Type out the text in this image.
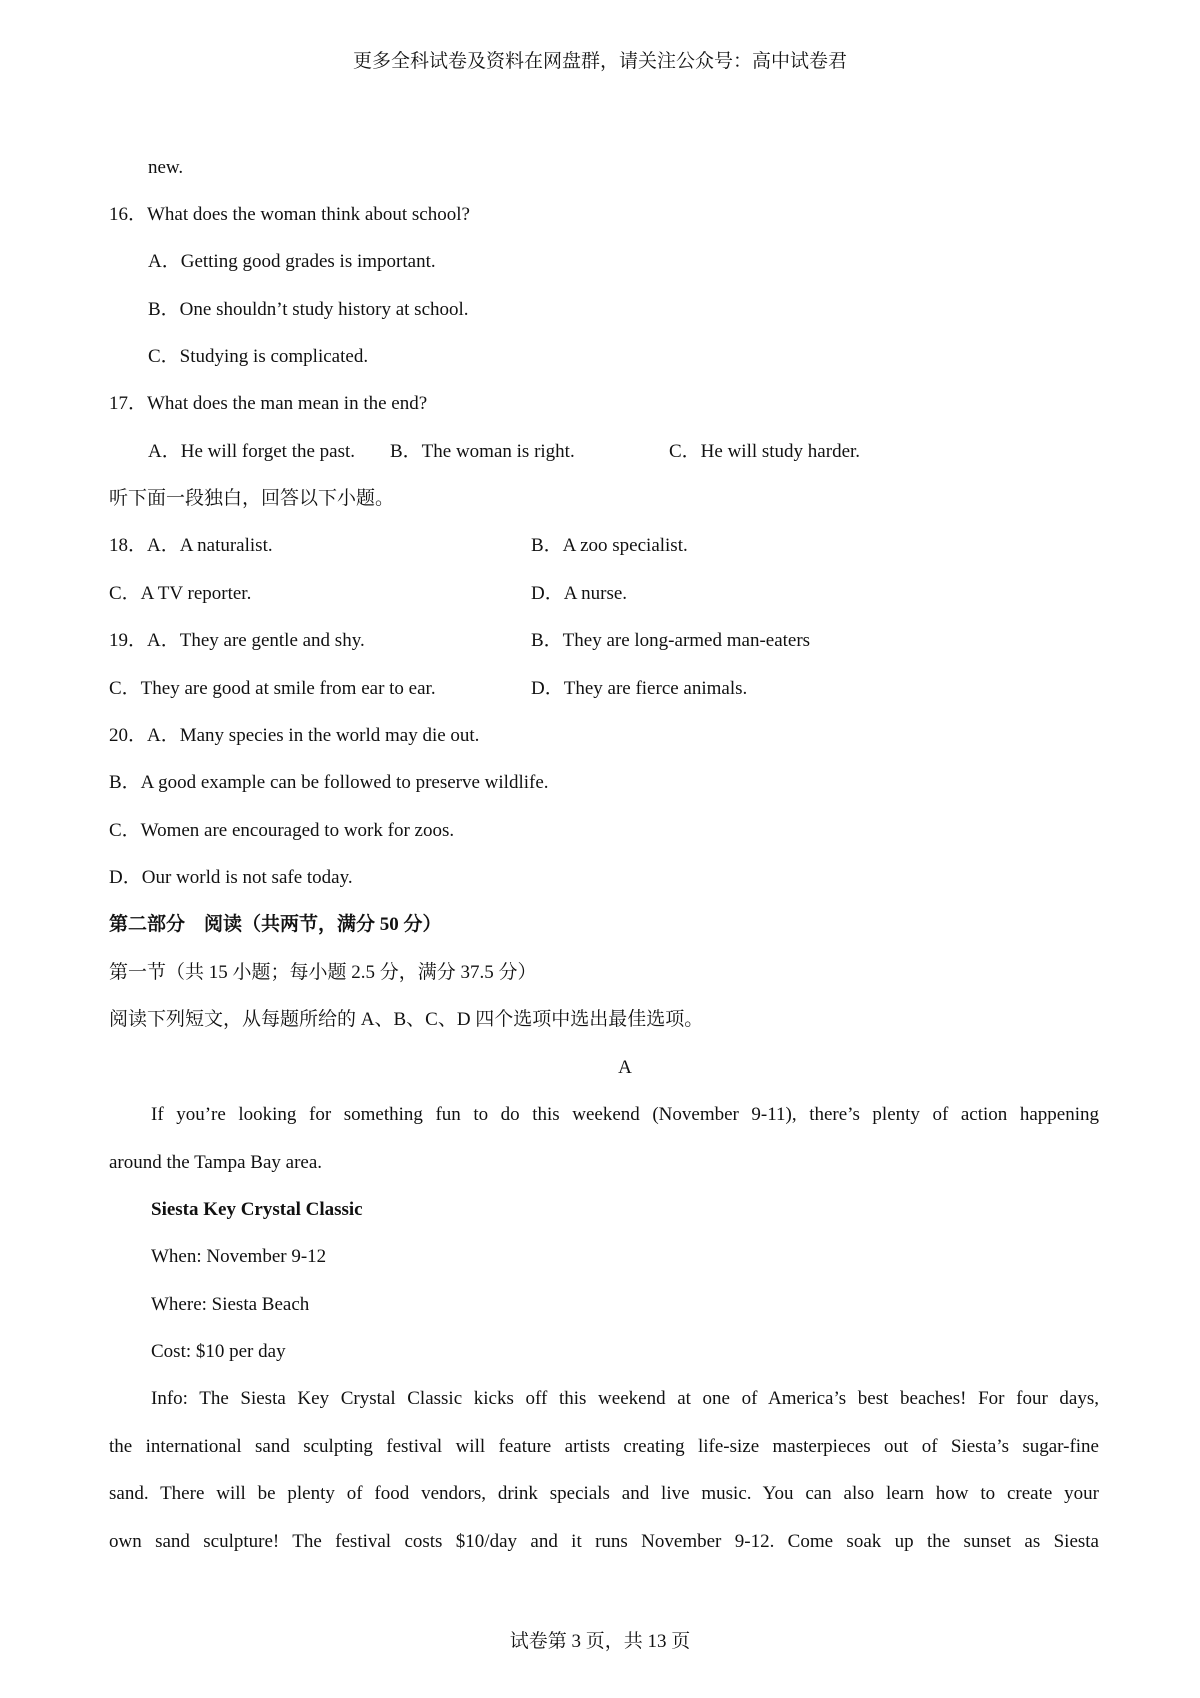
更多全科试卷及资料在网盘群，请关注公众号：高中试卷君
new.
16．What does the woman think about school?
A．Getting good grades is important.
B．One shouldn’t study history at school.
C．Studying is complicated.
17．What does the man mean in the end?
A．He will forget the past. B．The woman is right.	C．He will study harder.
听下面一段独白，回答以下小题。
18．A．A naturalist.	B．A zoo specialist.
C．A TV reporter.	D．A nurse.
19．A．They are gentle and shy.	B．They are long-armed man-eaters
C．They are good at smile from ear to ear.	D．They are fierce animals.
20．A．Many species in the world may die out.
B．A good example can be followed to preserve wildlife.
C．Women are encouraged to work for zoos.
D．Our world is not safe today.
第二部分　阅读（共两节，满分 50 分）
第一节（共 15 小题；每小题 2.5 分，满分 37.5 分）
阅读下列短文，从每题所给的 A、B、C、D 四个选项中选出最佳选项。
A
If you’re looking for something fun to do this weekend (November 9-11), there’s plenty of action happening
around the Tampa Bay area.
Siesta Key Crystal Classic
When: November 9-12
Where: Siesta Beach
Cost: $10 per day
Info: The Siesta Key Crystal Classic kicks off this weekend at one of America’s best beaches! For four days,
the international sand sculpting festival will feature artists creating life-size masterpieces out of Siesta’s sugar-fine
sand. There will be plenty of food vendors, drink specials and live music. You can also learn how to create your
own sand sculpture! The festival costs $10/day and it runs November 9-12. Come soak up the sunset as Siesta
试卷第 3 页，共 13 页
